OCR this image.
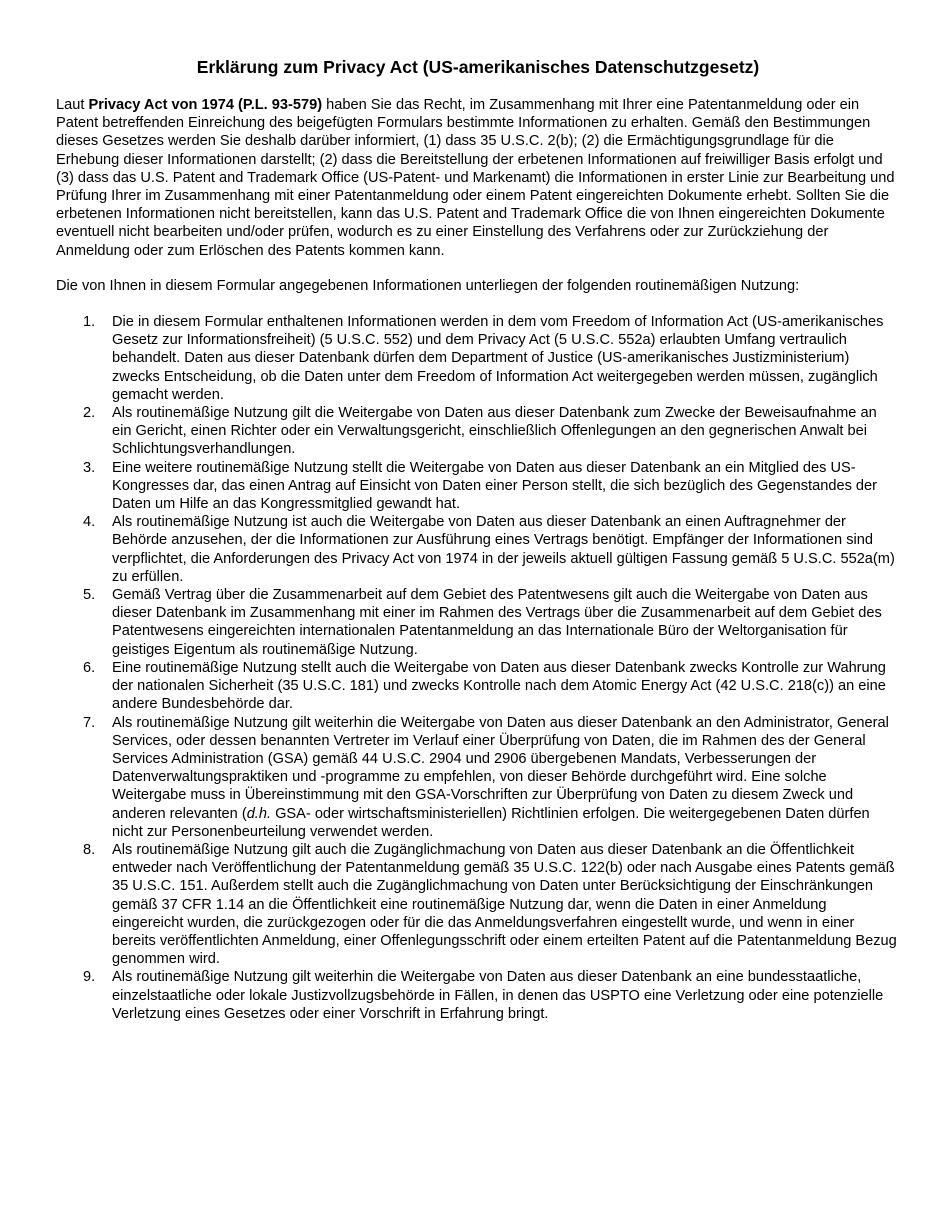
Erklärung zum Privacy Act (US-amerikanisches Datenschutzgesetz)

Laut Privacy Act von 1974 (P.L. 93-579) haben Sie das Recht, im Zusammenhang mit Ihrer eine Patentanmeldung oder ein Patent betreffenden Einreichung des beigefügten Formulars bestimmte Informationen zu erhalten. Gemäß den Bestimmungen dieses Gesetzes werden Sie deshalb darüber informiert, (1) dass 35 U.S.C. 2(b); (2) die Ermächtigungsgrundlage für die Erhebung dieser Informationen darstellt; (2) dass die Bereitstellung der erbetenen Informationen auf freiwilliger Basis erfolgt und (3) dass das U.S. Patent and Trademark Office (US-Patent- und Markenamt) die Informationen in erster Linie zur Bearbeitung und Prüfung Ihrer im Zusammenhang mit einer Patentanmeldung oder einem Patent eingereichten Dokumente erhebt. Sollten Sie die erbetenen Informationen nicht bereitstellen, kann das U.S. Patent and Trademark Office die von Ihnen eingereichten Dokumente eventuell nicht bearbeiten und/oder prüfen, wodurch es zu einer Einstellung des Verfahrens oder zur Zurückziehung der Anmeldung oder zum Erlöschen des Patents kommen kann.

Die von Ihnen in diesem Formular angegebenen Informationen unterliegen der folgenden routinemäßigen Nutzung:

1. Die in diesem Formular enthaltenen Informationen werden in dem vom Freedom of Information Act (US-amerikanisches Gesetz zur Informationsfreiheit) (5 U.S.C. 552) und dem Privacy Act (5 U.S.C. 552a) erlaubten Umfang vertraulich behandelt. Daten aus dieser Datenbank dürfen dem Department of Justice (US-amerikanisches Justizministerium) zwecks Entscheidung, ob die Daten unter dem Freedom of Information Act weitergegeben werden müssen, zugänglich gemacht werden.
2. Als routinemäßige Nutzung gilt die Weitergabe von Daten aus dieser Datenbank zum Zwecke der Beweisaufnahme an ein Gericht, einen Richter oder ein Verwaltungsgericht, einschließlich Offenlegungen an den gegnerischen Anwalt bei Schlichtungsverhandlungen.
3. Eine weitere routinemäßige Nutzung stellt die Weitergabe von Daten aus dieser Datenbank an ein Mitglied des US-Kongresses dar, das einen Antrag auf Einsicht von Daten einer Person stellt, die sich bezüglich des Gegenstandes der Daten um Hilfe an das Kongressmitglied gewandt hat.
4. Als routinemäßige Nutzung ist auch die Weitergabe von Daten aus dieser Datenbank an einen Auftragnehmer der Behörde anzusehen, der die Informationen zur Ausführung eines Vertrags benötigt. Empfänger der Informationen sind verpflichtet, die Anforderungen des Privacy Act von 1974 in der jeweils aktuell gültigen Fassung gemäß 5 U.S.C. 552a(m) zu erfüllen.
5. Gemäß Vertrag über die Zusammenarbeit auf dem Gebiet des Patentwesens gilt auch die Weitergabe von Daten aus dieser Datenbank im Zusammenhang mit einer im Rahmen des Vertrags über die Zusammenarbeit auf dem Gebiet des Patentwesens eingereichten internationalen Patentanmeldung an das Internationale Büro der Weltorganisation für geistiges Eigentum als routinemäßige Nutzung.
6. Eine routinemäßige Nutzung stellt auch die Weitergabe von Daten aus dieser Datenbank zwecks Kontrolle zur Wahrung der nationalen Sicherheit (35 U.S.C. 181) und zwecks Kontrolle nach dem Atomic Energy Act (42 U.S.C. 218(c)) an eine andere Bundesbehörde dar.
7. Als routinemäßige Nutzung gilt weiterhin die Weitergabe von Daten aus dieser Datenbank an den Administrator, General Services, oder dessen benannten Vertreter im Verlauf einer Überprüfung von Daten, die im Rahmen des der General Services Administration (GSA) gemäß 44 U.S.C. 2904 und 2906 übergebenen Mandats, Verbesserungen der Datenverwaltungspraktiken und -programme zu empfehlen, von dieser Behörde durchgeführt wird. Eine solche Weitergabe muss in Übereinstimmung mit den GSA-Vorschriften zur Überprüfung von Daten zu diesem Zweck und anderen relevanten (d.h. GSA- oder wirtschaftsministeriellen) Richtlinien erfolgen. Die weitergegebenen Daten dürfen nicht zur Personenbeurteilung verwendet werden.
8. Als routinemäßige Nutzung gilt auch die Zugänglichmachung von Daten aus dieser Datenbank an die Öffentlichkeit entweder nach Veröffentlichung der Patentanmeldung gemäß 35 U.S.C. 122(b) oder nach Ausgabe eines Patents gemäß 35 U.S.C. 151. Außerdem stellt auch die Zugänglichmachung von Daten unter Berücksichtigung der Einschränkungen gemäß 37 CFR 1.14 an die Öffentlichkeit eine routinemäßige Nutzung dar, wenn die Daten in einer Anmeldung eingereicht wurden, die zurückgezogen oder für die das Anmeldungsverfahren eingestellt wurde, und wenn in einer bereits veröffentlichten Anmeldung, einer Offenlegungsschrift oder einem erteilten Patent auf die Patentanmeldung Bezug genommen wird.
9. Als routinemäßige Nutzung gilt weiterhin die Weitergabe von Daten aus dieser Datenbank an eine bundesstaatliche, einzelstaatliche oder lokale Justizvollzugsbehörde in Fällen, in denen das USPTO eine Verletzung oder eine potenzielle Verletzung eines Gesetzes oder einer Vorschrift in Erfahrung bringt.
